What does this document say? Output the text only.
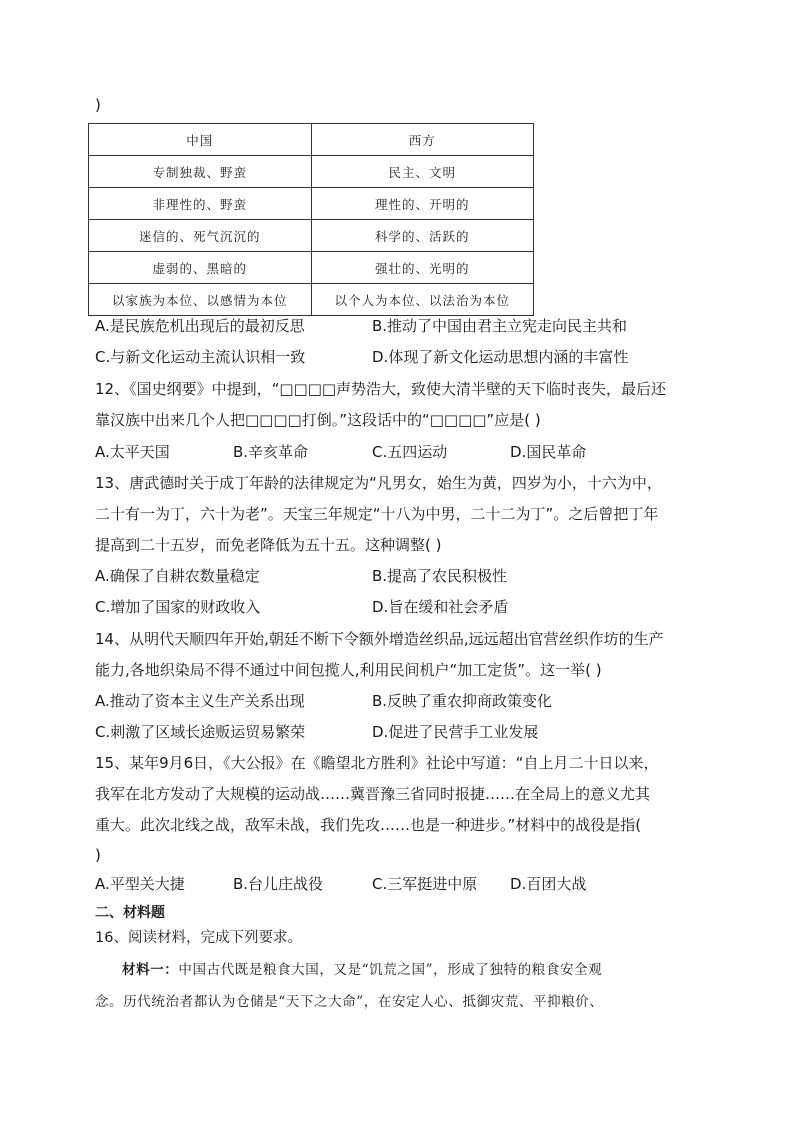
)
中国	西方
专制独裁、野蛮	民主、文明
非理性的、野蛮	理性的、开明的
迷信的、死气沉沉的	科学的、活跃的
虚弱的、黑暗的	强壮的、光明的
以家族为本位、以感情为本位	以个人为本位、以法治为本位
A.是民族危机出现后的最初反思	B.推动了中国由君主立宪走向民主共和
C.与新文化运动主流认识相一致	D.体现了新文化运动思想内涵的丰富性
12、《国史纲要》中提到，“□□□□声势浩大，致使大清半壁的天下临时丧失，最后还
靠汉族中出来几个人把□□□□打倒。”这段话中的“□□□□”应是( )
A.太平天国	B.辛亥革命	C.五四运动	D.国民革命
13、唐武德时关于成丁年龄的法律规定为“凡男女，始生为黄，四岁为小，十六为中，
二十有一为丁，六十为老”。天宝三年规定“十八为中男，二十二为丁”。之后曾把丁年
提高到二十五岁，而免老降低为五十五。这种调整( )
A.确保了自耕农数量稳定	B.提高了农民积极性
C.增加了国家的财政收入	D.旨在缓和社会矛盾
14、从明代天顺四年开始,朝廷不断下令额外增造丝织品,远远超出官营丝织作坊的生产
能力,各地织染局不得不通过中间包揽人,利用民间机户“加工定货”。这一举( )
A.推动了资本主义生产关系出现	B.反映了重农抑商政策变化
C.刺激了区域长途贩运贸易繁荣	D.促进了民营手工业发展
15、某年9月6日，《大公报》在《瞻望北方胜利》社论中写道：“自上月二十日以来，
我军在北方发动了大规模的运动战……冀晋豫三省同时报捷……在全局上的意义尤其
重大。此次北线之战，敌军未战，我们先攻……也是一种进步。”材料中的战役是指(
)
A.平型关大捷	B.台儿庄战役	C.三军挺进中原 D.百团大战
二、材料题
16、阅读材料，完成下列要求。
材料一：中国古代既是粮食大国，又是“饥荒之国”，形成了独特的粮食安全观
念。历代统治者都认为仓储是“天下之大命”，在安定人心、抵御灾荒、平抑粮价、
